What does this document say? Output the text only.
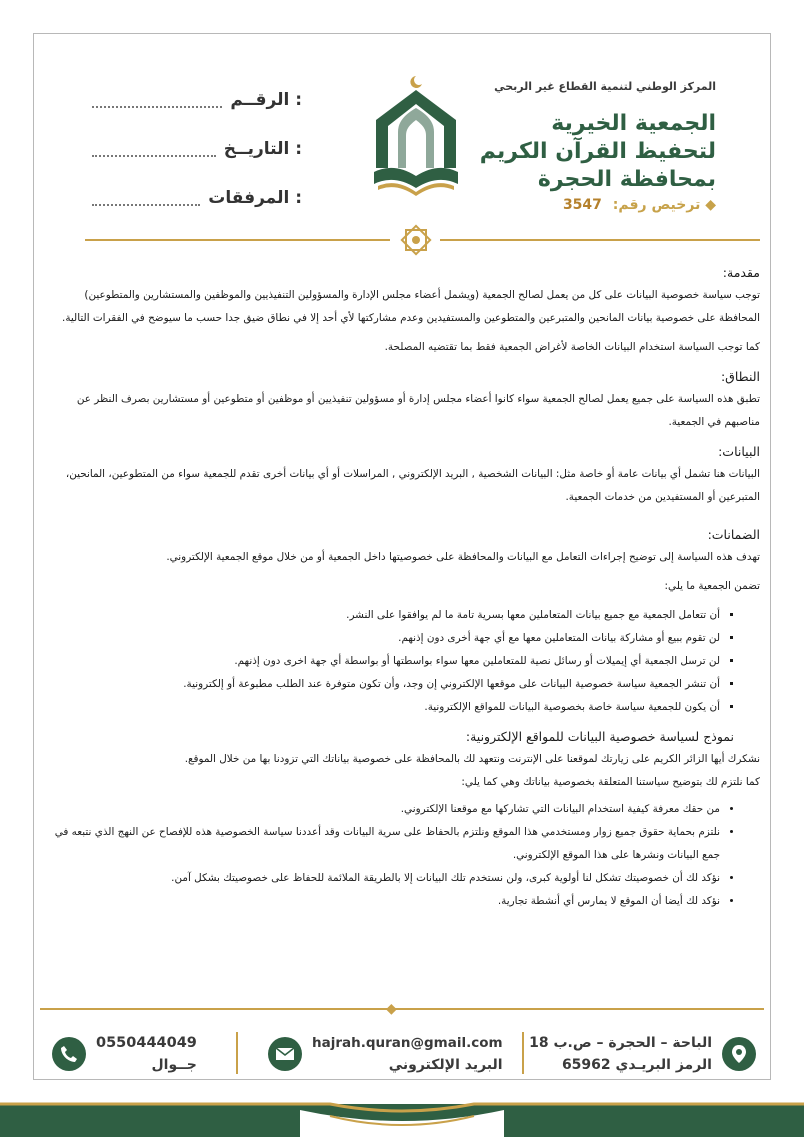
الرقــم :
التاريــخ :
المرفقات :
المركز الوطني لتنمية القطاع غير الربحي
الجمعية الخيرية
لتحفيظ القرآن الكريم
بمحافظة الحجرة
◆ ترخيص رقم: 3547
مقدمة:

توجب سياسة خصوصية البيانات على كل من يعمل لصالح الجمعية (ويشمل أعضاء مجلس الإدارة والمسؤولين التنفيذيين والموظفين والمستشارين والمتطوعين) المحافظة على خصوصية بيانات المانحين والمتبرعين والمتطوعين والمستفيدين وعدم مشاركتها لأي أحد إلا في نطاق ضيق جدا حسب ما سيوضح في الفقرات التالية.

كما توجب السياسة استخدام البيانات الخاصة لأغراض الجمعية فقط بما تقتضيه المصلحة.

النطاق:

تطبق هذه السياسة على جميع يعمل لصالح الجمعية سواء كانوا أعضاء مجلس إدارة أو مسؤولين تنفيذيين أو موظفين أو متطوعين أو مستشارين بصرف النظر عن مناصبهم في الجمعية.

البيانات:

البيانات هنا تشمل أي بيانات عامة أو خاصة مثل: البيانات الشخصية , البريد الإلكتروني , المراسلات أو أي بيانات أخرى تقدم للجمعية سواء من المتطوعين، المانحين، المتبرعين أو المستفيدين من خدمات الجمعية.

الضمانات:

تهدف هذه السياسة إلى توضيح إجراءات التعامل مع البيانات والمحافظة على خصوصيتها داخل الجمعية أو من خلال موقع الجمعية الإلكتروني.

تضمن الجمعية ما يلي:

▪ أن تتعامل الجمعية مع جميع بيانات المتعاملين معها بسرية تامة ما لم يوافقوا على النشر.
▪ لن تقوم ببيع أو مشاركة بيانات المتعاملين معها مع أي جهة أخرى دون إذنهم.
▪ لن ترسل الجمعية أي إيميلات أو رسائل نصية للمتعاملين معها سواء بواسطتها أو بواسطة أي جهة اخرى دون إذنهم.
▪ أن تنشر الجمعية سياسة خصوصية البيانات على موقعها الإلكتروني إن وجد، وأن تكون متوفرة عند الطلب مطبوعة أو إلكترونية.
▪ أن يكون للجمعية سياسة خاصة بخصوصية البيانات للمواقع الإلكترونية.
نموذج لسياسة خصوصية البيانات للمواقع الإلكترونية:

نشكرك أيها الزائر الكريم على زيارتك لموقعنا على الإنترنت ونتعهد لك بالمحافظة على خصوصية بياناتك التي تزودنا بها من خلال الموقع.

كما نلتزم لك بتوضيح سياستنا المتعلقة بخصوصية بياناتك وهي كما يلي:

• من حقك معرفة كيفية استخدام البيانات التي تشاركها مع موقعنا الإلكتروني.
• نلتزم بحماية حقوق جميع زوار ومستخدمي هذا الموقع ونلتزم بالحفاظ على سرية البيانات وقد أعددنا سياسة الخصوصية هذه للإفصاح عن النهج الذي نتبعه في جمع البيانات ونشرها على هذا الموقع الإلكتروني.
• نؤكد لك أن خصوصيتك تشكل لنا أولوية كبرى، ولن نستخدم تلك البيانات إلا بالطريقة الملائمة للحفاظ على خصوصيتك بشكل آمن.
• نؤكد لك أيضا أن الموقع لا يمارس أي أنشطة تجارية.
◆
الباحة – الحجرة – ص.ب 18
الرمز البريـدي 65962
hajrah.quran@gmail.com
البريد الإلكتروني
0550444049
جــوال
